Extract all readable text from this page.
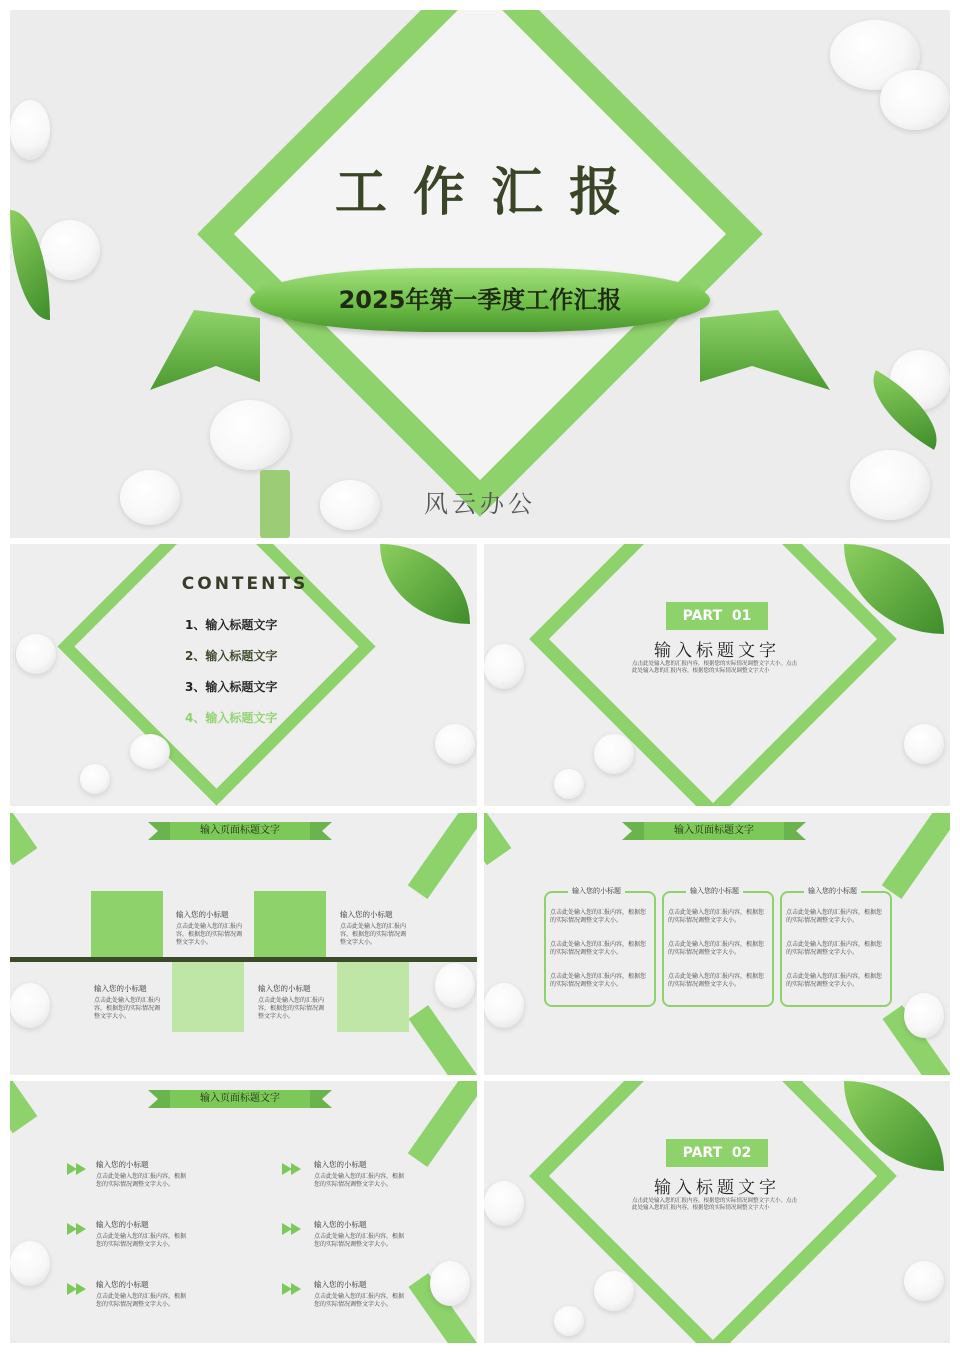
工 作 汇 报
2025年第一季度工作汇报
风云办公
CONTENTS
1、输入标题文字
2、输入标题文字
3、输入标题文字
4、输入标题文字
PART  01
输入标题文字
点击此处输入您的汇报内容，根据您的实际情况调整文字大小。点击此处输入您的汇报内容，根据您的实际情况调整文字大小
输入页面标题文字
输入您的小标题
点击此处输入您的汇报内容，根据您的实际情况调整文字大小。
输入您的小标题
点击此处输入您的汇报内容，根据您的实际情况调整文字大小。
输入您的小标题
点击此处输入您的汇报内容，根据您的实际情况调整文字大小。
输入您的小标题
点击此处输入您的汇报内容，根据您的实际情况调整文字大小。
输入页面标题文字
输入您的小标题
点击此处输入您的汇报内容，根据您的实际情况调整文字大小。
点击此处输入您的汇报内容，根据您的实际情况调整文字大小。
点击此处输入您的汇报内容，根据您的实际情况调整文字大小。
输入您的小标题
点击此处输入您的汇报内容，根据您的实际情况调整文字大小。
点击此处输入您的汇报内容，根据您的实际情况调整文字大小。
点击此处输入您的汇报内容，根据您的实际情况调整文字大小。
输入您的小标题
点击此处输入您的汇报内容，根据您的实际情况调整文字大小。
点击此处输入您的汇报内容，根据您的实际情况调整文字大小。
点击此处输入您的汇报内容，根据您的实际情况调整文字大小。
输入页面标题文字
输入您的小标题
点击此处输入您的汇报内容，根据您的实际情况调整文字大小。
输入您的小标题
点击此处输入您的汇报内容，根据您的实际情况调整文字大小。
输入您的小标题
点击此处输入您的汇报内容，根据您的实际情况调整文字大小。
输入您的小标题
点击此处输入您的汇报内容，根据您的实际情况调整文字大小。
输入您的小标题
点击此处输入您的汇报内容，根据您的实际情况调整文字大小。
输入您的小标题
点击此处输入您的汇报内容，根据您的实际情况调整文字大小。
PART  02
输入标题文字
点击此处输入您的汇报内容，根据您的实际情况调整文字大小。点击此处输入您的汇报内容，根据您的实际情况调整文字大小
